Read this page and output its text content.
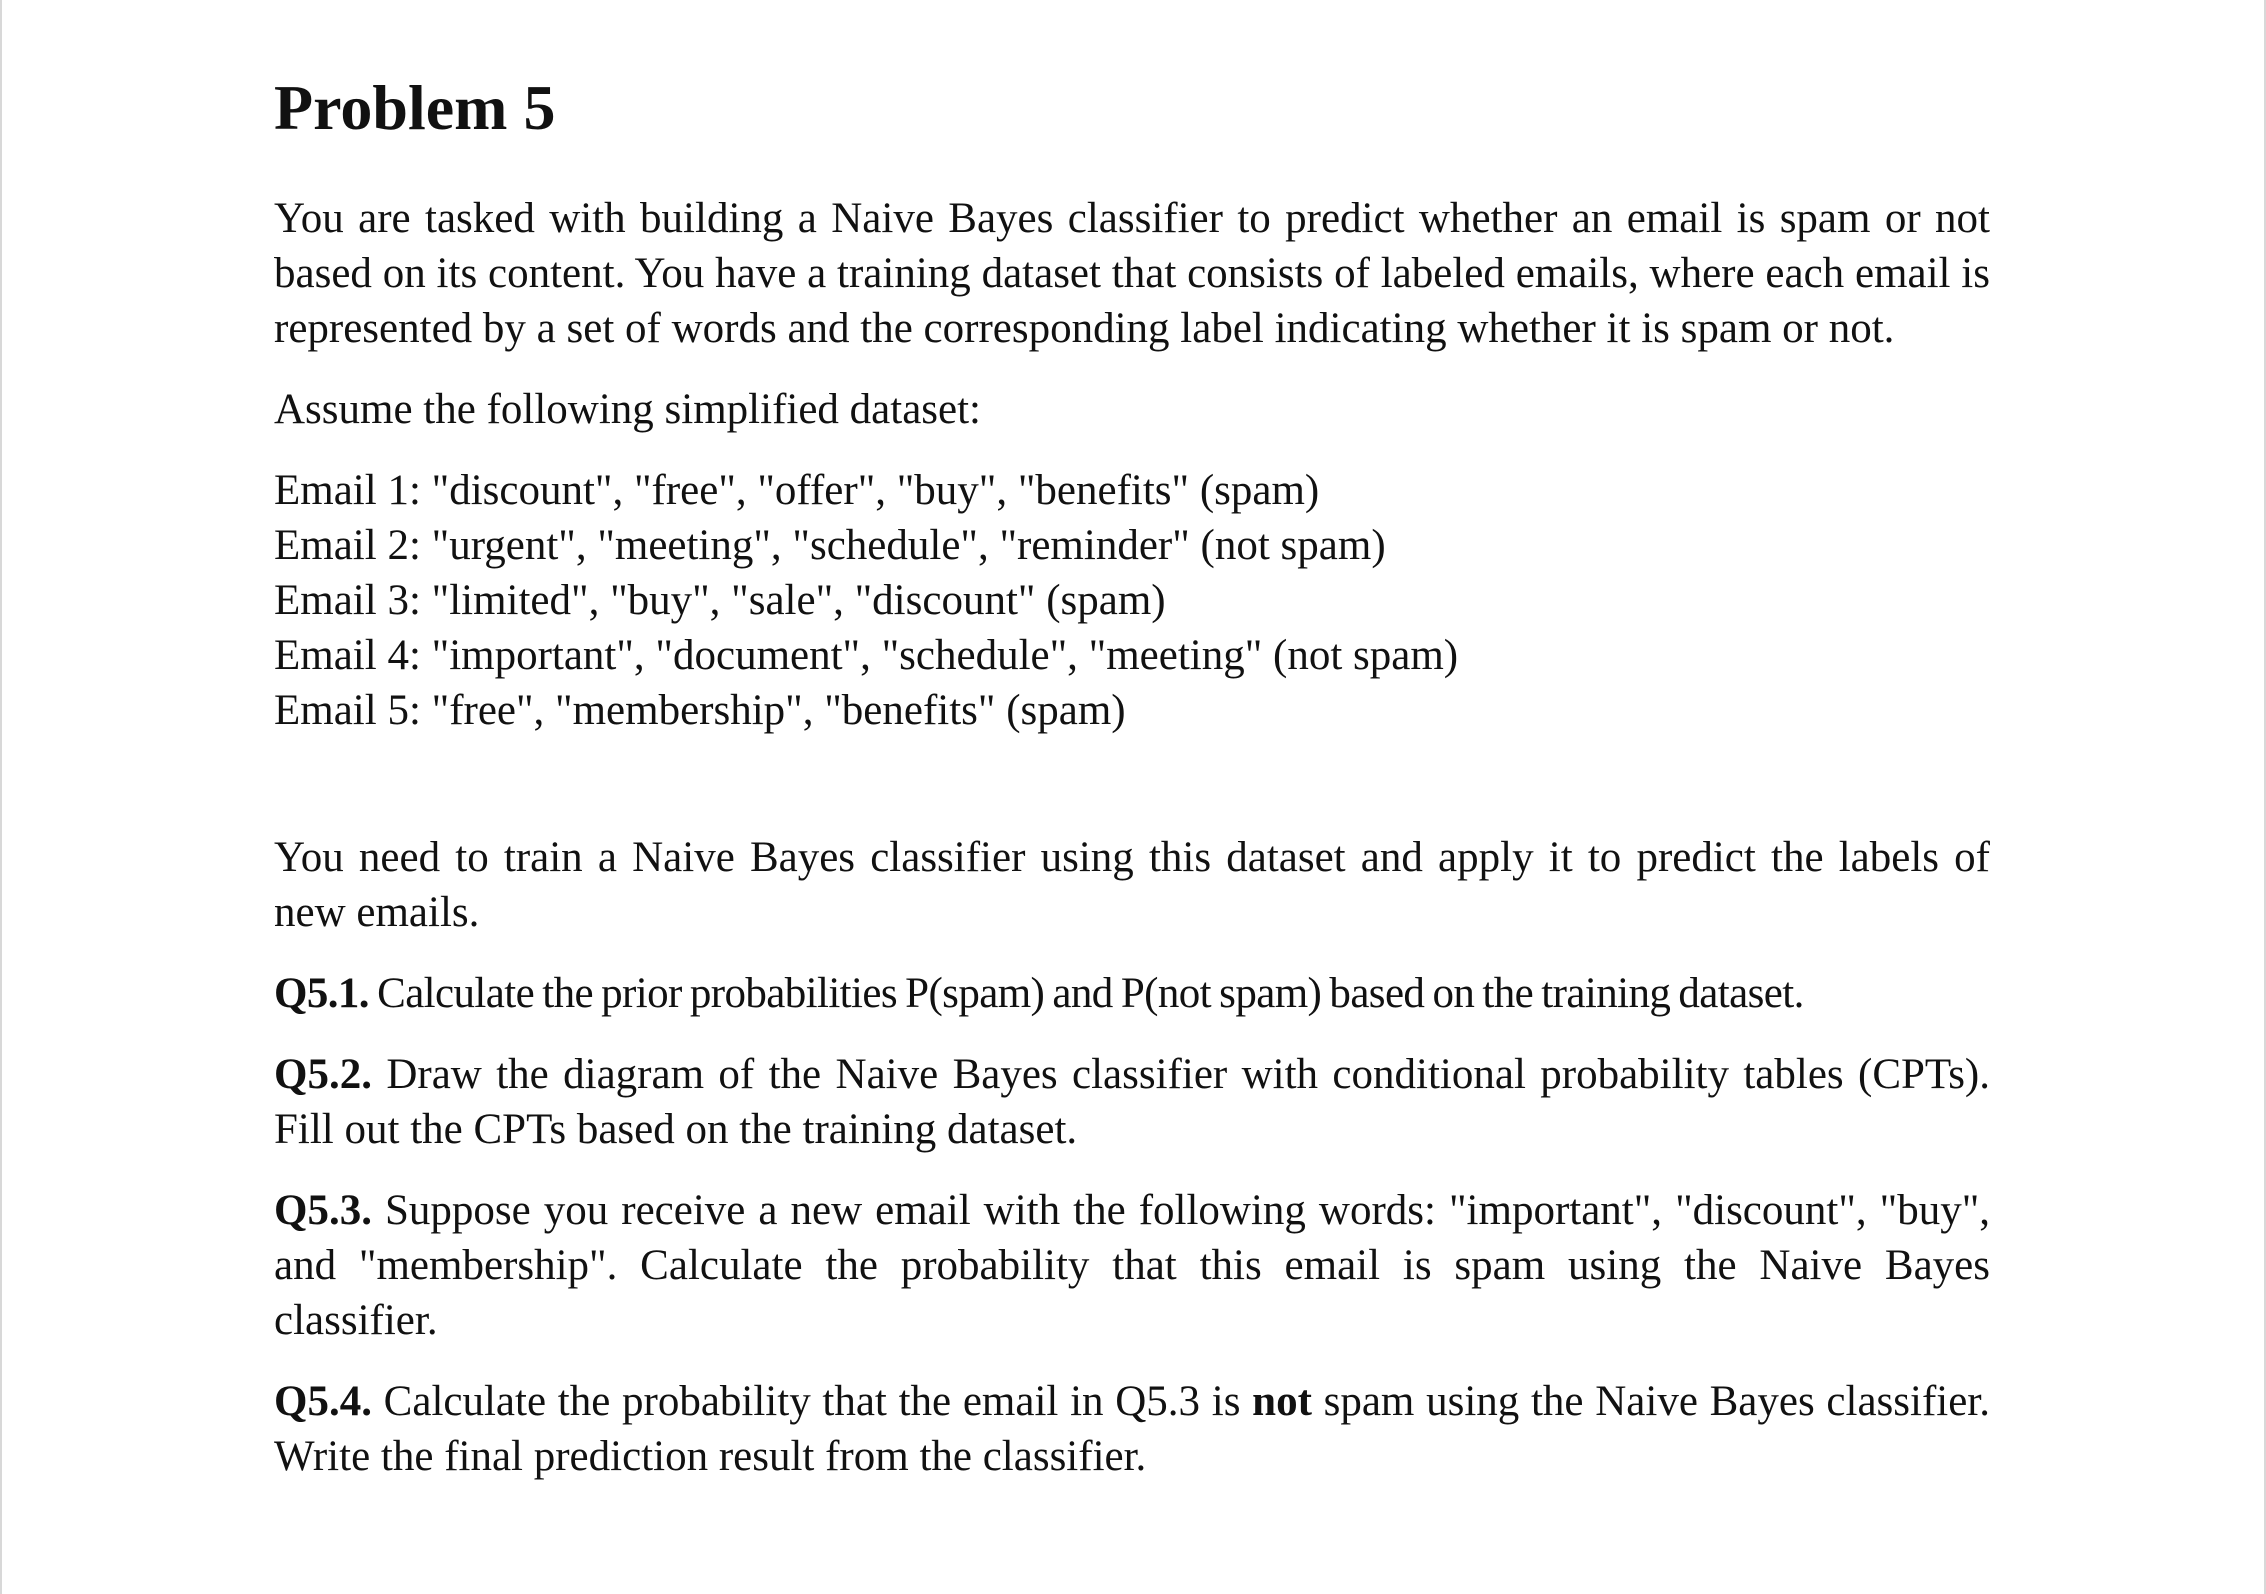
Problem 5

You are tasked with building a Naive Bayes classifier to predict whether an email is spam or not based on its content. You have a training dataset that consists of labeled emails, where each email is represented by a set of words and the corresponding label indicating whether it is spam or not.

Assume the following simplified dataset:

Email 1: "discount", "free", "offer", "buy", "benefits" (spam)
Email 2: "urgent", "meeting", "schedule", "reminder" (not spam)
Email 3: "limited", "buy", "sale", "discount" (spam)
Email 4: "important", "document", "schedule", "meeting" (not spam)
Email 5: "free", "membership", "benefits" (spam)

You need to train a Naive Bayes classifier using this dataset and apply it to predict the labels of new emails.

Q5.1. Calculate the prior probabilities P(spam) and P(not spam) based on the training dataset.

Q5.2. Draw the diagram of the Naive Bayes classifier with conditional probability tables (CPTs). Fill out the CPTs based on the training dataset.

Q5.3. Suppose you receive a new email with the following words: "important", "discount", "buy", and "membership". Calculate the probability that this email is spam using the Naive Bayes classifier.

Q5.4. Calculate the probability that the email in Q5.3 is not spam using the Naive Bayes classifier. Write the final prediction result from the classifier.
